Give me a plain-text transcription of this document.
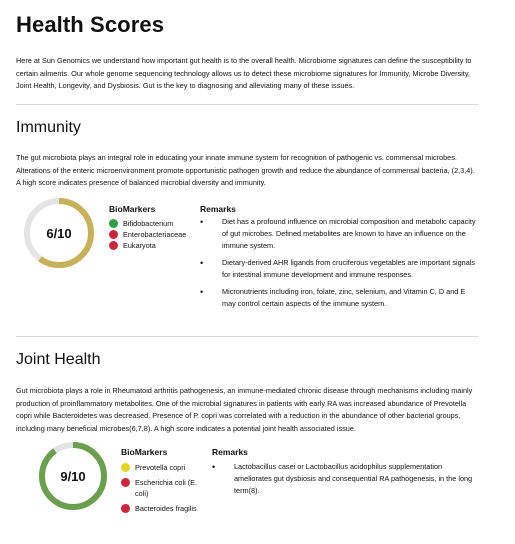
Health Scores

Here at Sun Genomics we understand how important gut health is to the overall health. Microbiome signatures can define the susceptibility to certain ailments. Our whole genome sequencing technology allows us to detect these microbiome signatures for Immunity, Microbe Diversity, Joint Health, Longevity, and Dysbiosis. Gut is the key to diagnosing and alleviating many of these issues.

Immunity

The gut microbiota plays an integral role in educating your innate immune system for recognition of pathogenic vs. commensal microbes. Alterations of the enteric microenvironment promote opportunistic pathogen growth and reduce the abundance of commensal bacteria, (2,3,4). A high score indicates presence of balanced microbial diversity and immunity.

6/10

BioMarkers

Bifidobacterium
Enterobacteriaceae
Eukaryota

Remarks

•	Diet has a profound influence on microbial composition and metabolic capacity of gut microbes. Defined metabolites are known to have an influence on the immune system.
•	Dietary-derived AHR ligands from cruciferous vegetables are important signals for intestinal immune development and immune responses.
•	Micronutrients including iron, folate, zinc, selenium, and Vitamin C, D and E may control certain aspects of the immune system.
Joint Health

Gut microbiota plays a role in Rheumatoid arthritis pathogenesis, an immune-mediated chronic disease through mechanisms including mainly production of proinflammatory metabolites. One of the microbial signatures in patients with early RA was increased abundance of Prevotella copri while Bacteroidetes was decreased. Presence of P. copri was correlated with a reduction in the abundance of other bacterial groups, including many beneficial microbes(6,7,8). A high score indicates a potential joint health associated issue.

9/10

BioMarkers

Prevotella copri
Escherichia coli (E. coli)
Bacteroides fragilis

Remarks

•	Lactobacillus casei or Lactobacillus acidophilus supplementation ameliorates gut dysbiosis and consequential RA pathogenesis, in the long term(8).
